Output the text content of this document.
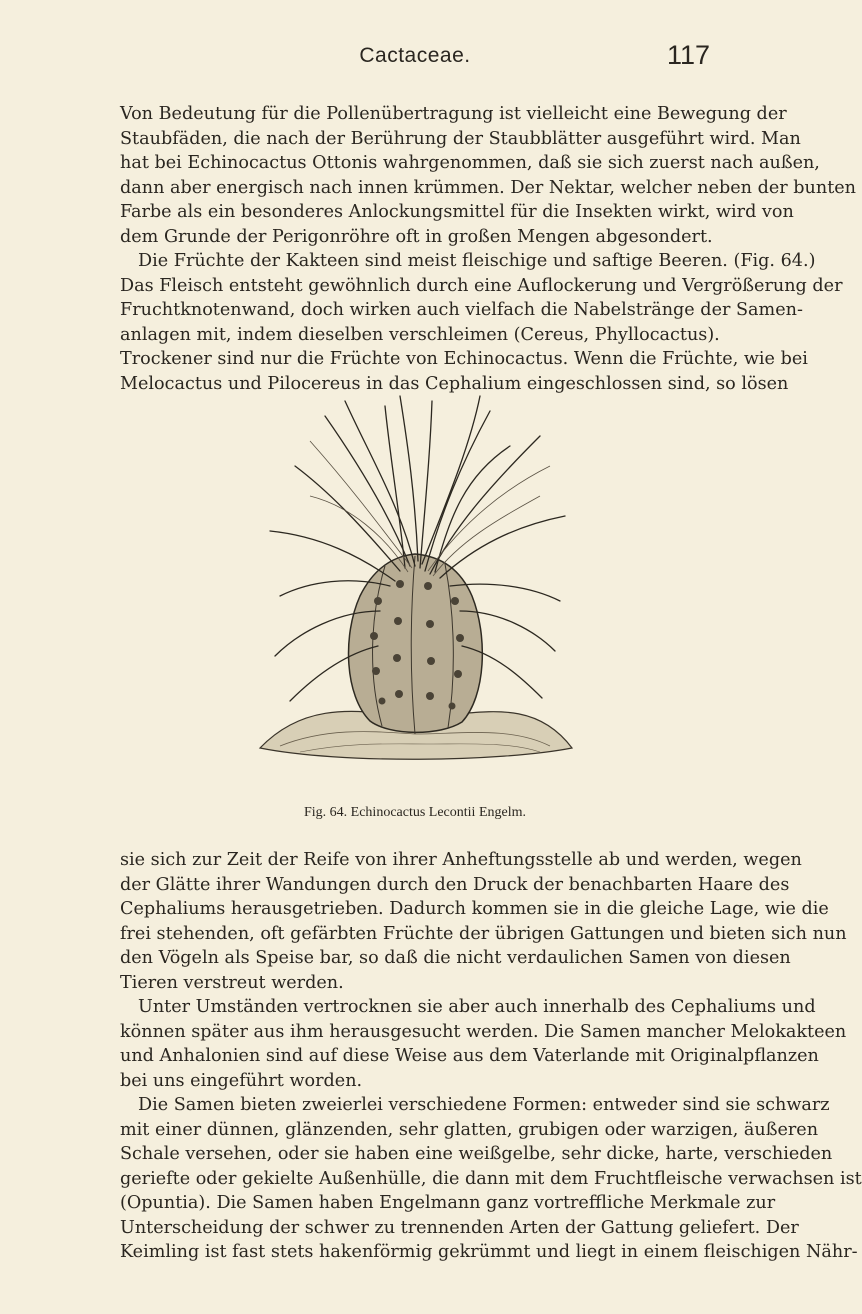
Cactaceae.	117
Von Bedeutung für die Pollenübertragung ist vielleicht eine Bewegung der
Staubfäden, die nach der Berührung der Staubblätter ausgeführt wird. Man
hat bei Echinocactus Ottonis wahrgenommen, daß sie sich zuerst nach außen,
dann aber energisch nach innen krümmen. Der Nektar, welcher neben der bunten
Farbe als ein besonderes Anlockungsmittel für die Insekten wirkt, wird von
dem Grunde der Perigonröhre oft in großen Mengen abgesondert.
Die Früchte der Kakteen sind meist fleischige und saftige Beeren. (Fig. 64.)
Das Fleisch entsteht gewöhnlich durch eine Auflockerung und Vergrößerung der
Fruchtknotenwand, doch wirken auch vielfach die Nabelstränge der Samen-
anlagen mit, indem dieselben verschleimen (Cereus, Phyllocactus).
Trockener sind nur die Früchte von Echinocactus. Wenn die Früchte, wie bei
Melocactus und Pilocereus in das Cephalium eingeschlossen sind, so lösen
Fig. 64. Echinocactus Lecontii Engelm.
sie sich zur Zeit der Reife von ihrer Anheftungsstelle ab und werden, wegen
der Glätte ihrer Wandungen durch den Druck der benachbarten Haare des
Cephaliums herausgetrieben. Dadurch kommen sie in die gleiche Lage, wie die
frei stehenden, oft gefärbten Früchte der übrigen Gattungen und bieten sich nun
den Vögeln als Speise bar, so daß die nicht verdaulichen Samen von diesen
Tieren verstreut werden.
Unter Umständen vertrocknen sie aber auch innerhalb des Cephaliums und
können später aus ihm herausgesucht werden. Die Samen mancher Melokakteen
und Anhalonien sind auf diese Weise aus dem Vaterlande mit Originalpflanzen
bei uns eingeführt worden.
Die Samen bieten zweierlei verschiedene Formen: entweder sind sie schwarz
mit einer dünnen, glänzenden, sehr glatten, grubigen oder warzigen, äußeren
Schale versehen, oder sie haben eine weißgelbe, sehr dicke, harte, verschieden
geriefte oder gekielte Außenhülle, die dann mit dem Fruchtfleische verwachsen ist
(Opuntia). Die Samen haben Engelmann ganz vortreffliche Merkmale zur
Unterscheidung der schwer zu trennenden Arten der Gattung geliefert. Der
Keimling ist fast stets hakenförmig gekrümmt und liegt in einem fleischigen Nähr-
